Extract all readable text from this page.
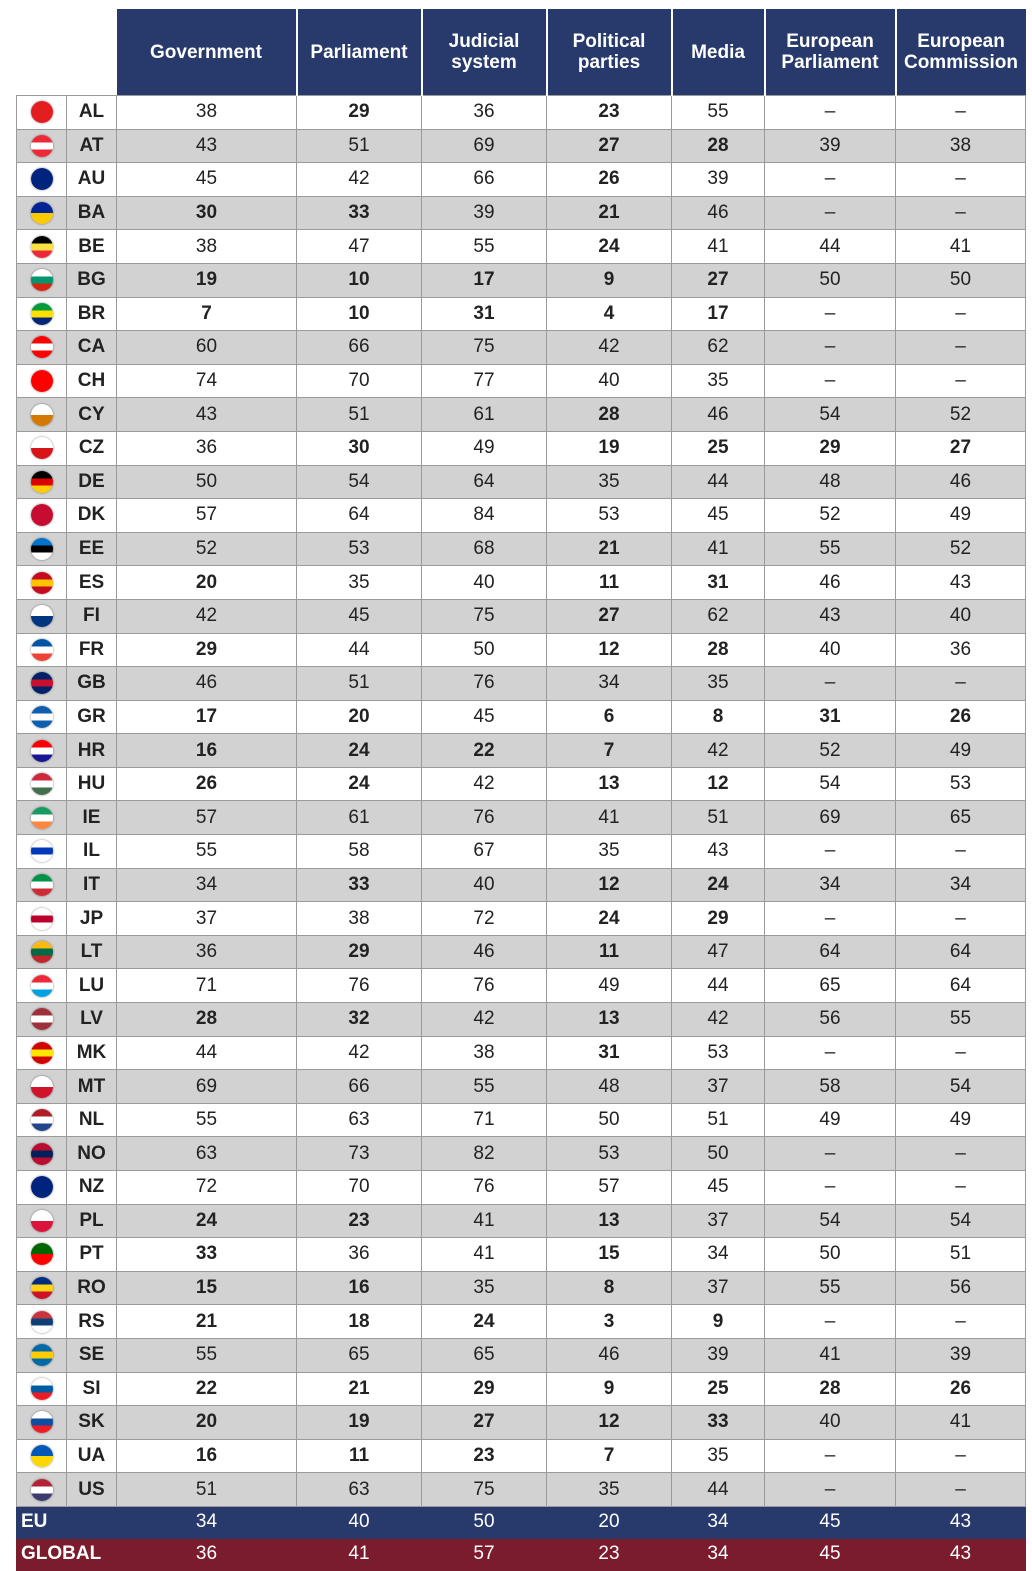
		Government	Parliament	Judicial system	Political parties	Media	European Parliament	European Commission
	AL	38	29	36	23	55	–	–
	AT	43	51	69	27	28	39	38
	AU	45	42	66	26	39	–	–
	BA	30	33	39	21	46	–	–
	BE	38	47	55	24	41	44	41
	BG	19	10	17	9	27	50	50
	BR	7	10	31	4	17	–	–
	CA	60	66	75	42	62	–	–
	CH	74	70	77	40	35	–	–
	CY	43	51	61	28	46	54	52
	CZ	36	30	49	19	25	29	27
	DE	50	54	64	35	44	48	46
	DK	57	64	84	53	45	52	49
	EE	52	53	68	21	41	55	52
	ES	20	35	40	11	31	46	43
	FI	42	45	75	27	62	43	40
	FR	29	44	50	12	28	40	36
	GB	46	51	76	34	35	–	–
	GR	17	20	45	6	8	31	26
	HR	16	24	22	7	42	52	49
	HU	26	24	42	13	12	54	53
	IE	57	61	76	41	51	69	65
	IL	55	58	67	35	43	–	–
	IT	34	33	40	12	24	34	34
	JP	37	38	72	24	29	–	–
	LT	36	29	46	11	47	64	64
	LU	71	76	76	49	44	65	64
	LV	28	32	42	13	42	56	55
	MK	44	42	38	31	53	–	–
	MT	69	66	55	48	37	58	54
	NL	55	63	71	50	51	49	49
	NO	63	73	82	53	50	–	–
	NZ	72	70	76	57	45	–	–
	PL	24	23	41	13	37	54	54
	PT	33	36	41	15	34	50	51
	RO	15	16	35	8	37	55	56
	RS	21	18	24	3	9	–	–
	SE	55	65	65	46	39	41	39
	SI	22	21	29	9	25	28	26
	SK	20	19	27	12	33	40	41
	UA	16	11	23	7	35	–	–
	US	51	63	75	35	44	–	–
EU		34	40	50	20	34	45	43
GLOBAL		36	41	57	23	34	45	43
